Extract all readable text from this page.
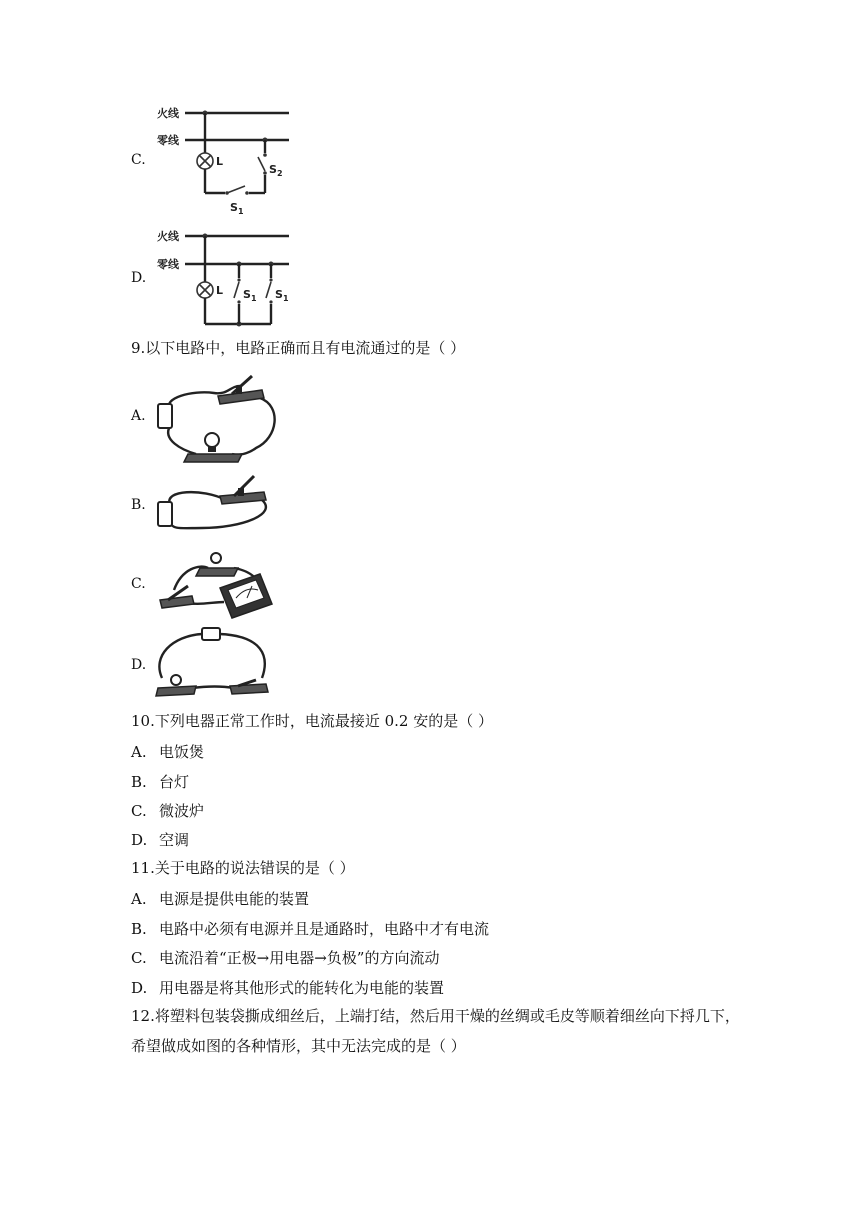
C.
火线
零线
L
$S_1$
$S_2$
D.
火线
零线
L $S_1$ $S_1$
9.以下电路中，电路正确而且有电流通过的是（ ）
A.
B.
C.
D.
10.下列电器正常工作时，电流最接近 0.2 安的是（ ）
A. 电饭煲
B. 台灯
C. 微波炉
D. 空调
11.关于电路的说法错误的是（ ）
A. 电源是提供电能的装置
B. 电路中必须有电源并且是通路时，电路中才有电流
C. 电流沿着“正极→用电器→负极”的方向流动
D. 用电器是将其他形式的能转化为电能的装置
12.将塑料包装袋撕成细丝后，上端打结，然后用干燥的丝绸或毛皮等顺着细丝向下捋几下，
希望做成如图的各种情形，其中无法完成的是（ ）
